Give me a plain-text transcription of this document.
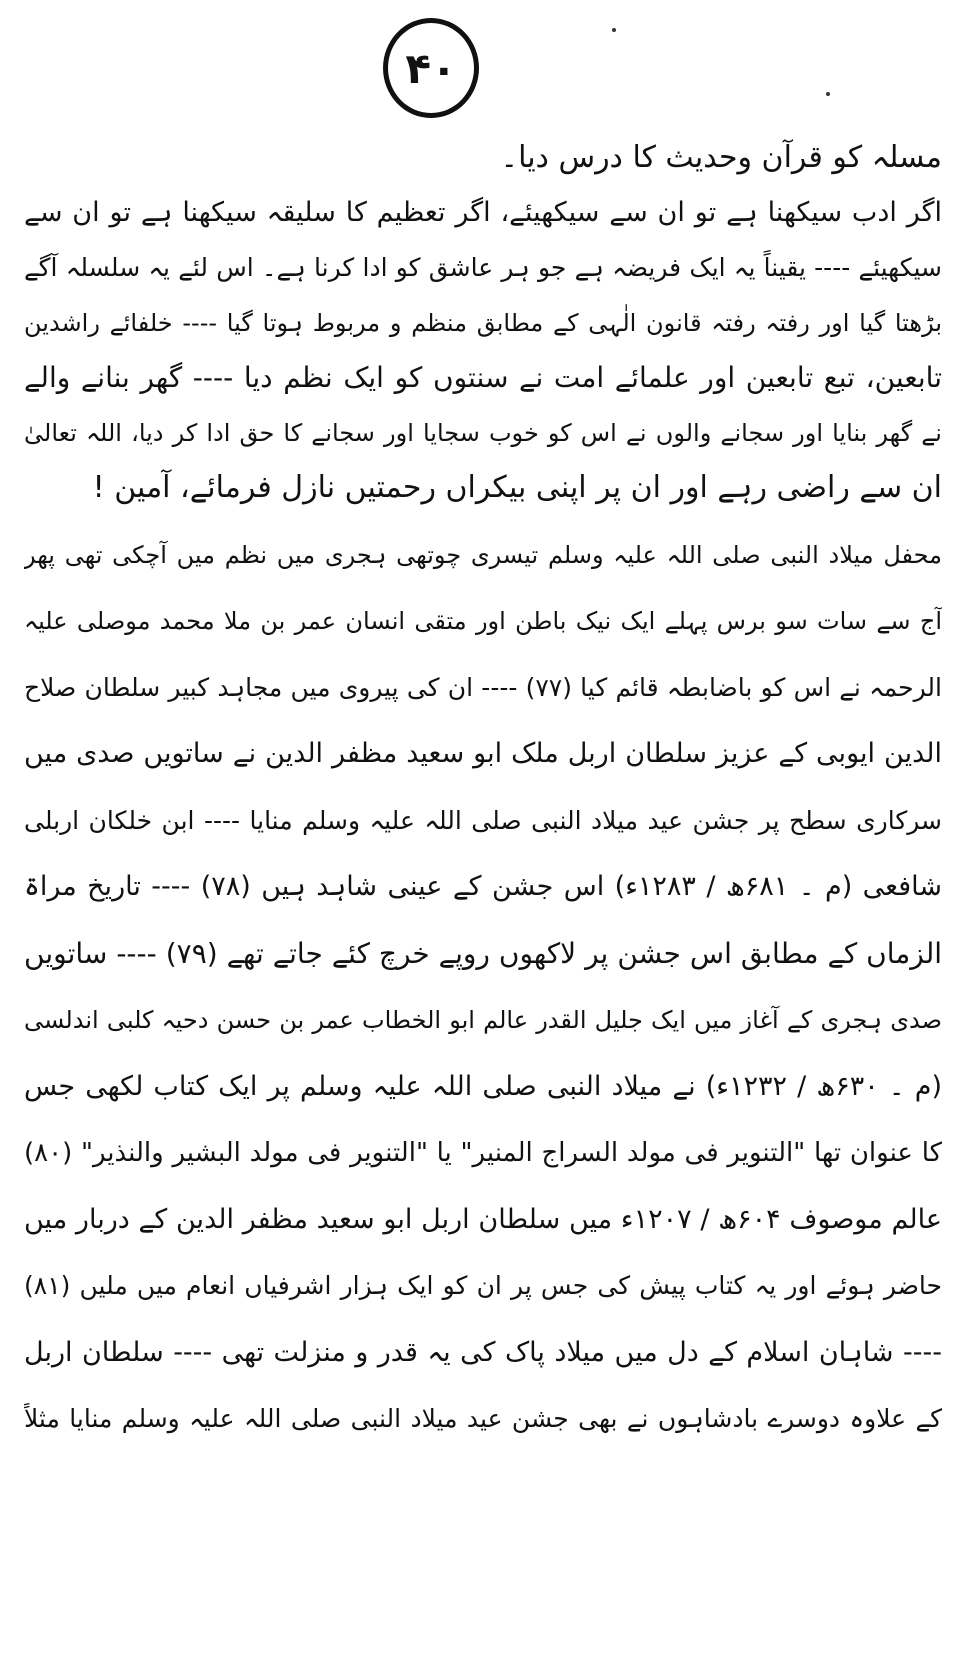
۴۰
مسلہ کو قرآن وحدیث کا درس دیا۔
اگر ادب سیکھنا ہے تو ان سے سیکھیئے، اگر تعظیم کا سلیقہ سیکھنا ہے تو ان سے
سیکھیئے ---- یقیناً یہ ایک فریضہ ہے جو ہر عاشق کو ادا کرنا ہے۔ اس لئے یہ سلسلہ آگے
بڑھتا گیا اور رفتہ رفتہ قانون الٰہی کے مطابق منظم و مربوط ہوتا گیا ---- خلفائے راشدین
تابعین، تبع تابعین اور علمائے امت نے سنتوں کو ایک نظم دیا ---- گھر بنانے والے
نے گھر بنایا اور سجانے والوں نے اس کو خوب سجایا اور سجانے کا حق ادا کر دیا، اللہ تعالیٰ
ان سے راضی رہے اور ان پر اپنی بیکراں رحمتیں نازل فرمائے، آمین !
محفل میلاد النبی صلی اللہ علیہ وسلم تیسری چوتھی ہجری میں نظم میں آچکی تھی پھر
آج سے سات سو برس پہلے ایک نیک باطن اور متقی انسان عمر بن ملا محمد موصلی علیہ
الرحمہ نے اس کو باضابطہ قائم کیا (۷۷) ---- ان کی پیروی میں مجاہد کبیر سلطان صلاح
الدین ایوبی کے عزیز سلطان اربل ملک ابو سعید مظفر الدین نے ساتویں صدی میں
سرکاری سطح پر جشن عید میلاد النبی صلی اللہ علیہ وسلم منایا ---- ابن خلکان اربلی
شافعی (م ۔ ۶۸۱ھ / ۱۲۸۳ء) اس جشن کے عینی شاہد ہیں (۷۸) ---- تاریخ مراۃ
الزماں کے مطابق اس جشن پر لاکھوں روپے خرچ کئے جاتے تھے (۷۹) ---- ساتویں
صدی ہجری کے آغاز میں ایک جلیل القدر عالم ابو الخطاب عمر بن حسن دحیہ کلبی اندلسی
(م ۔ ۶۳۰ھ / ۱۲۳۲ء) نے میلاد النبی صلی اللہ علیہ وسلم پر ایک کتاب لکھی جس
کا عنوان تھا "التنویر فی مولد السراج المنیر" یا "التنویر فی مولد البشیر والنذیر" (۸۰)
عالم موصوف ۶۰۴ھ / ۱۲۰۷ء میں سلطان اربل ابو سعید مظفر الدین کے دربار میں
حاضر ہوئے اور یہ کتاب پیش کی جس پر ان کو ایک ہزار اشرفیاں انعام میں ملیں (۸۱)
---- شاہان اسلام کے دل میں میلاد پاک کی یہ قدر و منزلت تھی ---- سلطان اربل
کے علاوہ دوسرے بادشاہوں نے بھی جشن عید میلاد النبی صلی اللہ علیہ وسلم منایا مثلاً
